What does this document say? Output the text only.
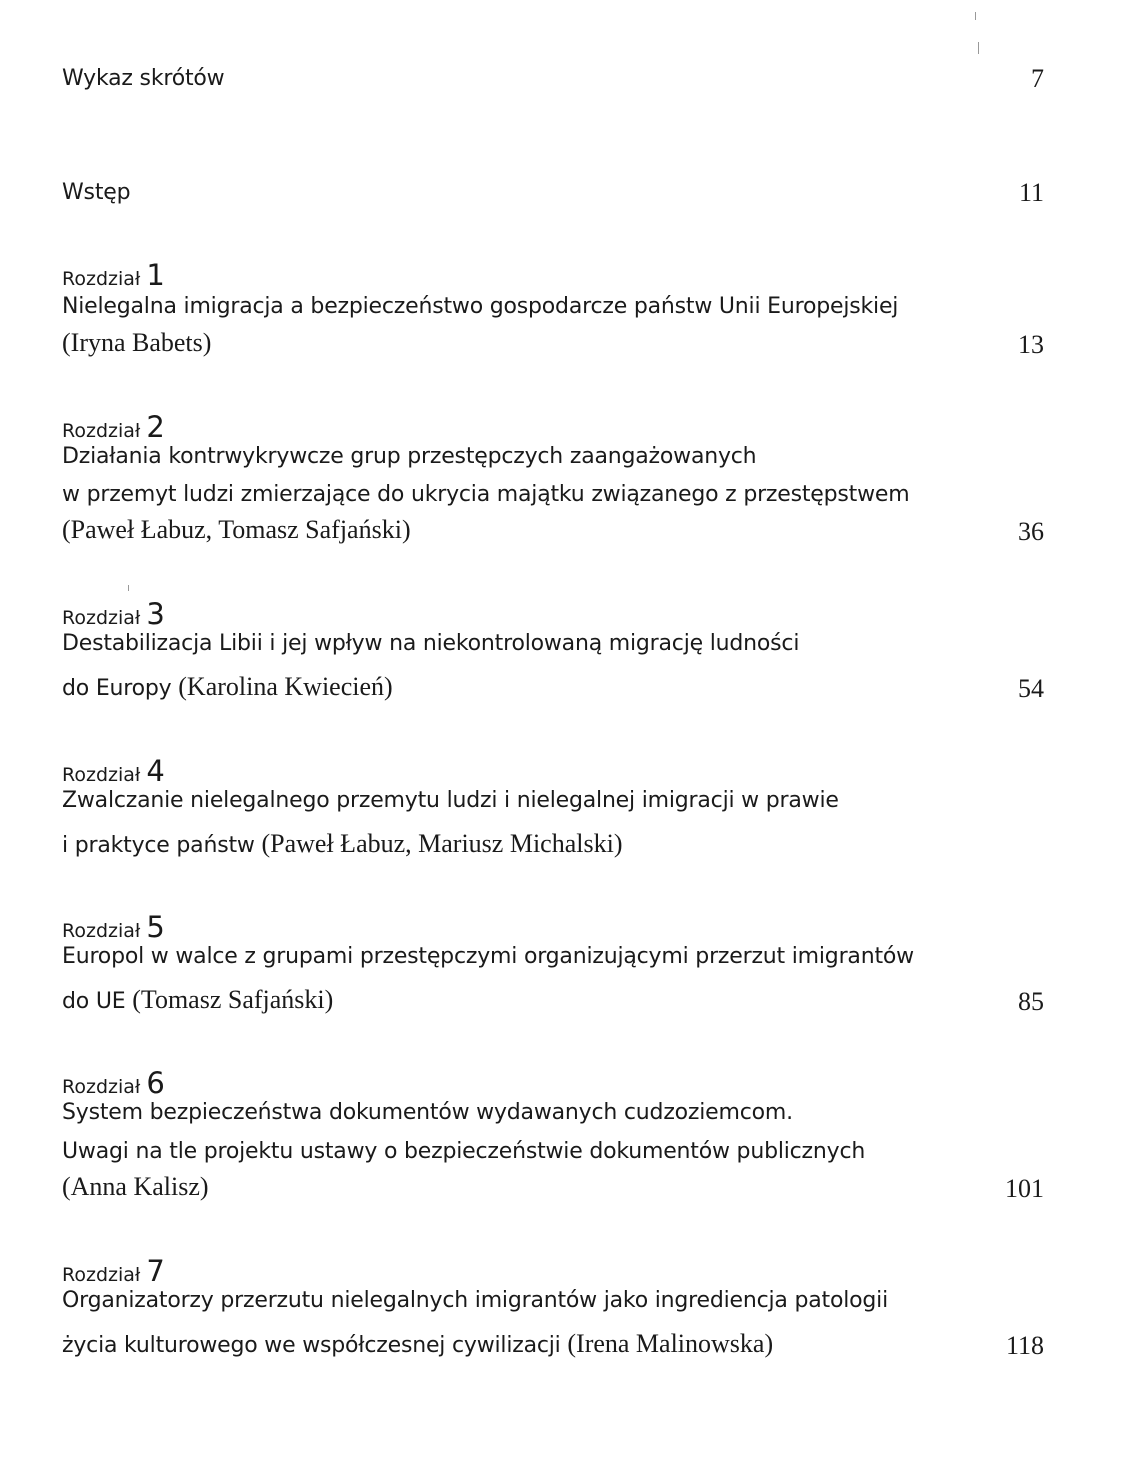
Wykaz skrótów	7
Wstęp	11
Rozdział 1
Nielegalna imigracja a bezpieczeństwo gospodarcze państw Unii Europejskiej
(Iryna Babets)	13
Rozdział 2
Działania kontrwykrywcze grup przestępczych zaangażowanych
w przemyt ludzi zmierzające do ukrycia majątku związanego z przestępstwem
(Paweł Łabuz, Tomasz Safjański)	36
Rozdział 3
Destabilizacja Libii i jej wpływ na niekontrolowaną migrację ludności
do Europy (Karolina Kwiecień)	54
Rozdział 4
Zwalczanie nielegalnego przemytu ludzi i nielegalnej imigracji w prawie
i praktyce państw (Paweł Łabuz, Mariusz Michalski)
Rozdział 5
Europol w walce z grupami przestępczymi organizującymi przerzut imigrantów
do UE (Tomasz Safjański)	85
Rozdział 6
System bezpieczeństwa dokumentów wydawanych cudzoziemcom.
Uwagi na tle projektu ustawy o bezpieczeństwie dokumentów publicznych
(Anna Kalisz)	101
Rozdział 7
Organizatorzy przerzutu nielegalnych imigrantów jako ingrediencja patologii
życia kulturowego we współczesnej cywilizacji (Irena Malinowska)	118
